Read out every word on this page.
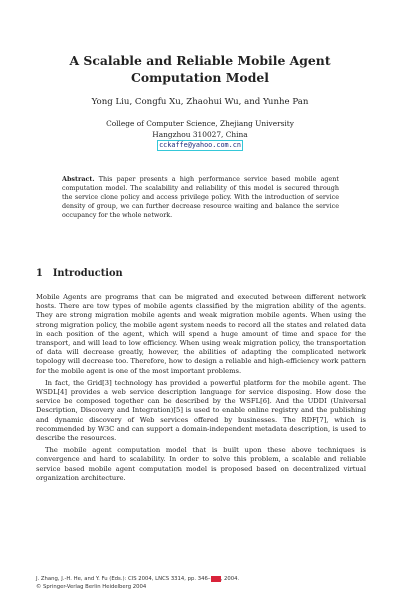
A Scalable and Reliable Mobile Agent Computation Model
Yong Liu, Congfu Xu, Zhaohui Wu, and Yunhe Pan
College of Computer Science, Zhejiang University
Hangzhou 310027, China
cckaffe@yahoo.com.cn
Abstract. This paper presents a high performance service based mobile agent computation model. The scalability and reliability of this model is secured through the service clone policy and access privilege policy. With the introduction of service density of group, we can further decrease resource waiting and balance the service occupancy for the whole network.
1 Introduction

Mobile Agents are programs that can be migrated and executed between different network hosts. There are tow types of mobile agents classified by the migration ability of the agents. They are strong migration mobile agents and weak migration mobile agents. When using the strong migration policy, the mobile agent system needs to record all the states and related data in each position of the agent, which will spend a huge amount of time and space for the transport, and will lead to low efficiency. When using weak migration policy, the transportation of data will decrease greatly, however, the abilities of adapting the complicated network topology will decrease too. Therefore, how to design a reliable and high-efficiency work pattern for the mobile agent is one of the most important problems.

In fact, the Grid[3] technology has provided a powerful platform for the mobile agent. The WSDL[4] provides a web service description language for service disposing. How dose the service be composed together can be described by the WSFL[6]. And the UDDI (Universal Description, Discovery and Integration)[5] is used to enable online registry and the publishing and dynamic discovery of Web services offered by businesses. The RDF[7], which is recommended by W3C and can support a domain-independent metadata description, is used to describe the resources.

The mobile agent computation model that is built upon these above techniques is convergence and hard to scalability. In order to solve this problem, a scalable and reliable service based mobile agent computation model is proposed based on decentralized virtual organization architecture.

J. Zhang, J.-H. He, and Y. Fu (Eds.): CIS 2004, LNCS 3314, pp. 346–351, 2004.
© Springer-Verlag Berlin Heidelberg 2004
